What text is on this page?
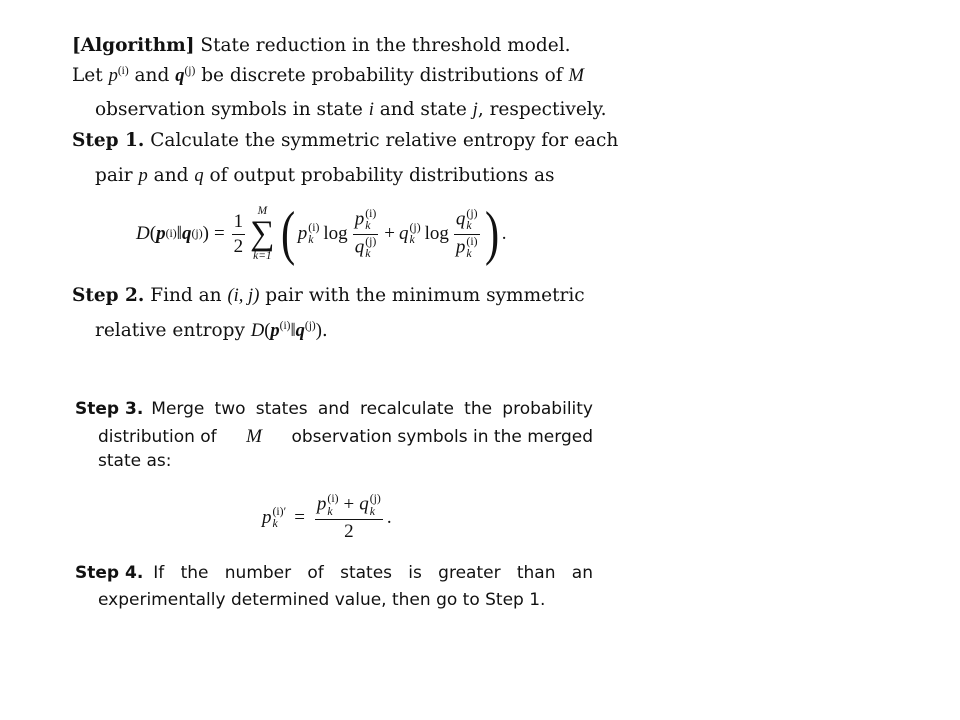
[Algorithm] State reduction in the threshold model.
Let $p^{(i)}$ and $q^{(j)}$ be discrete probability distributions of M
observation symbols in state i and state j, respectively.
Step 1. Calculate the symmetric relative entropy for each
pair p and q of output probability distributions as
D ( p (i) ‖ q (j) ) = $\frac{1}{2}$ M
∑
k=1 ( p (i)
k log p (i)
k
q (j)
k + q (j)
k log q (j)
k
p (i)
k ) .
Step 2. Find an (i, j) pair with the minimum symmetric
relative entropy $D(p^{(i)}‖q^{(j)})$.
Step 3. Merge two states and recalculate the probability
distribution of M observation symbols in the merged
state as:
p (i)′
k = p (i)
k + q (j)
k
2 .
Step 4. If the number of states is greater than an
experimentally determined value, then go to Step 1.
